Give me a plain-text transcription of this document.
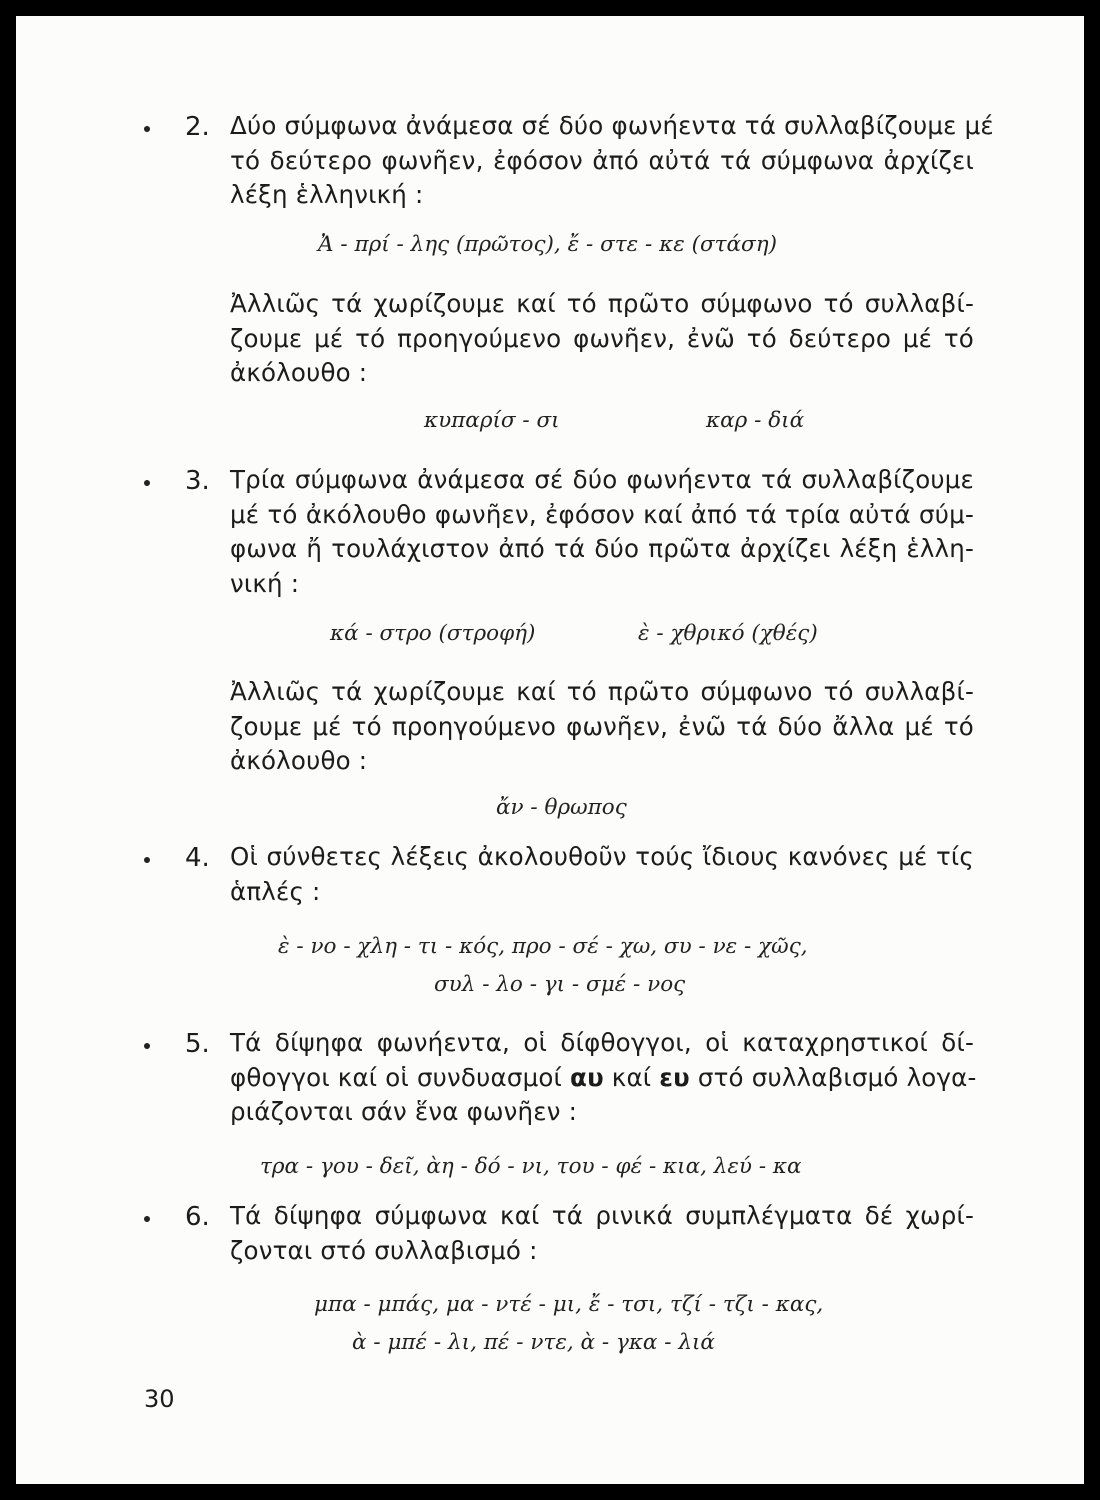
2. Δύο σύμφωνα ἀνάμεσα σέ δύο φωνήεντα τά συλλαβίζουμε μέ
τό δεύτερο φωνῆεν, ἐφόσον ἀπό αὐτά τά σύμφωνα ἀρχίζει
λέξη ἑλληνική :
Ἀ - πρί - λης (πρῶτος), ἔ - στε - κε (στάση)
Ἀλλιῶς τά χωρίζουμε καί τό πρῶτο σύμφωνο τό συλλαβί-
ζουμε μέ τό προηγούμενο φωνῆεν, ἐνῶ τό δεύτερο μέ τό
ἀκόλουθο :
κυπαρίσ - σι	καρ - διά
3. Τρία σύμφωνα ἀνάμεσα σέ δύο φωνήεντα τά συλλαβίζουμε
μέ τό ἀκόλουθο φωνῆεν, ἐφόσον καί ἀπό τά τρία αὐτά σύμ-
φωνα ἤ τουλάχιστον ἀπό τά δύο πρῶτα ἀρχίζει λέξη ἑλλη-
νική :
κά - στρο (στροφή)	ὲ - χθρικό (χθές)
Ἀλλιῶς τά χωρίζουμε καί τό πρῶτο σύμφωνο τό συλλαβί-
ζουμε μέ τό προηγούμενο φωνῆεν, ἐνῶ τά δύο ἄλλα μέ τό
ἀκόλουθο :
ἄν - θρωπος
4. Οἱ σύνθετες λέξεις ἀκολουθοῦν τούς ἴδιους κανόνες μέ τίς
ἁπλές :
ὲ - νο - χλη - τι - κός, προ - σέ - χω, συ - νε - χῶς,
συλ - λο - γι - σμέ - νος
5. Τά δίψηφα φωνήεντα, οἱ δίφθογγοι, οἱ καταχρηστικοί δί-
φθογγοι καί οἱ συνδυασμοί αυ καί ευ στό συλλαβισμό λογα-
ριάζονται σάν ἕνα φωνῆεν :
τρα - γου - δεῖ, ὰη - δό - νι, του - φέ - κια, λεύ - κα
6. Τά δίψηφα σύμφωνα καί τά ρινικά συμπλέγματα δέ χωρί-
ζονται στό συλλαβισμό :
μπα - μπάς, μα - ντέ - μι, ἔ - τσι, τζί - τζι - κας,
ὰ - μπέ - λι, πέ - ντε, ὰ - γκα - λιά
30
